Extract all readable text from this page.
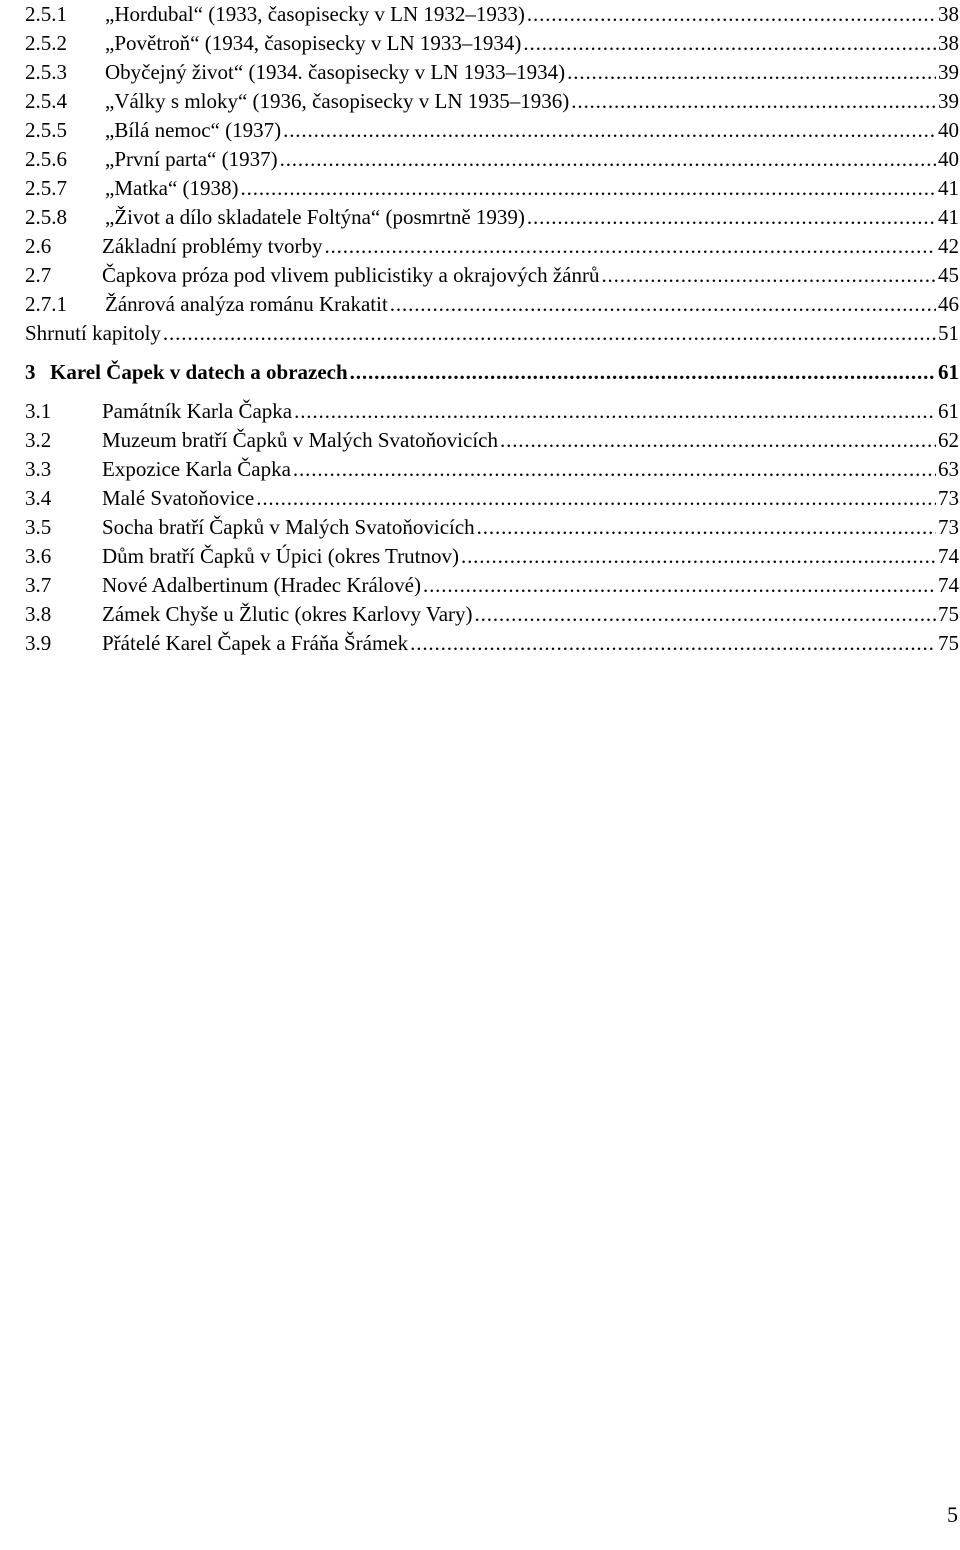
2.5.1	„Hordubal“ (1933, časopisecky v LN 1932–1933) . . .	38
2.5.2	„Povětroň“ (1934, časopisecky v LN 1933–1934) . . .	38
2.5.3	Obyčejný život“ (1934. časopisecky v LN 1933–1934) . . .	39
2.5.4	„Války s mloky“ (1936, časopisecky v LN 1935–1936) . . .	39
2.5.5	„Bílá nemoc“ (1937) . . .	40
2.5.6	„První parta“ (1937) . . .	40
2.5.7	„Matka“ (1938) . . .	41
2.5.8	„Život a dílo skladatele Foltýna“ (posmrtně 1939) . . .	41
2.6	Základní problémy tvorby . . .	42
2.7	Čapkova próza pod vlivem publicistiky a okrajových žánrů . . .	45
2.7.1	Žánrová analýza románu Krakatit . . .	46
Shrnutí kapitoly . . .	51
3 Karel Čapek v datech a obrazech . . .	61
3.1	Památník Karla Čapka . . .	61
3.2	Muzeum bratří Čapků v Malých Svatoňovicích . . .	62
3.3	Expozice Karla Čapka . . .	63
3.4	Malé Svatoňovice . . .	73
3.5	Socha bratří Čapků v Malých Svatoňovicích . . .	73
3.6	Dům bratří Čapků v Úpici (okres Trutnov) . . .	74
3.7	Nové Adalbertinum (Hradec Králové) . . .	74
3.8	Zámek Chyše u Žlutic (okres Karlovy Vary) . . .	75
3.9	Přátelé Karel Čapek a Fráňa Šrámek . . .	75
5
